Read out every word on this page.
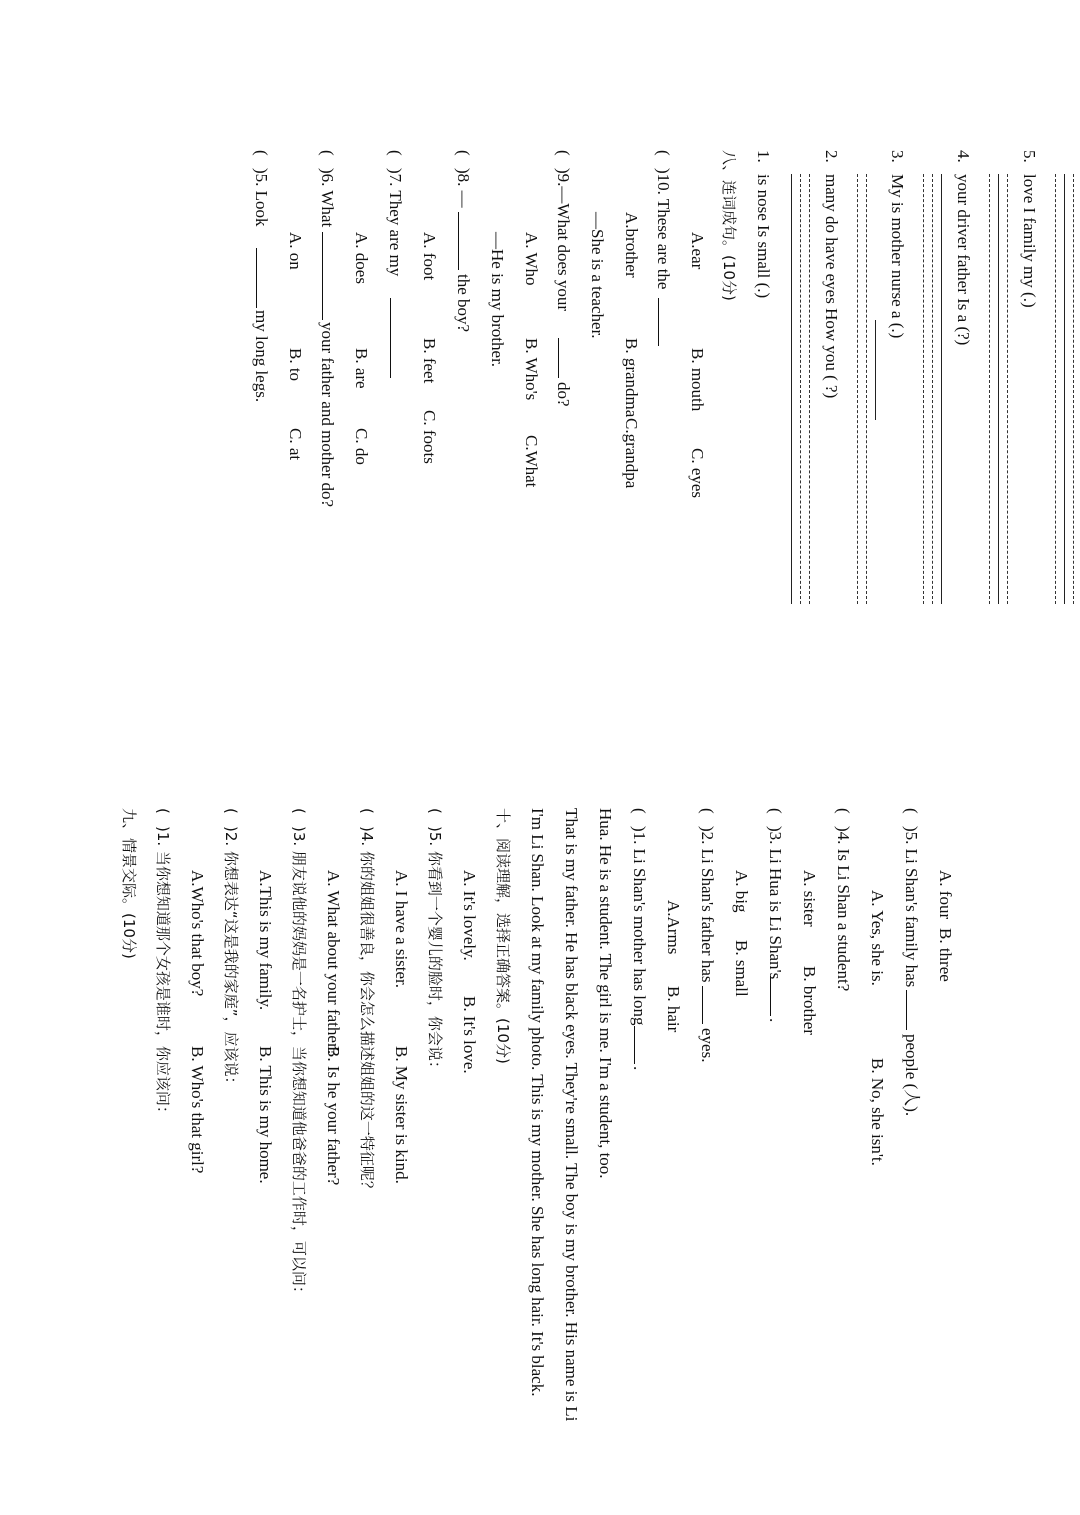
(
)5. Look
my long legs.
A. on
B. to
C. at
(
)6. What
your father and mother do?
A. does
B. are
C. do
(
)7. They are my A. foot
B. feet
C. foots
(
)8. —
the boy? —He is my brother. A. Who
B. Who's
C.What
(
)9.—What does your
do?
—She is a teacher. A.brother
B. grandma
C.grandpa
(
)10. These are the A.ear
B. mouth
C. eyes
八、连词成句。(10分) 1.
is nose Is small (.)
2.
many do have eyes How you ( ?)
3.
My is mother nurse a (.)
4.
your driver father Is a (?)
5.
love I family my (.)
九、情景交际。(10分) (
)1. 当你想知道那个女孩是谁时，你应该问： A.Who's that boy?
B. Who's that girl?
(
)2. 你想表达“这是我的家庭”，应该说： A.This is my family.
B. This is my home.
(
)3. 朋友说他的妈妈是一名护士，当你想知道他爸爸的工作时，可以问： A. What about your father?
B. Is he your father?
(
)4. 你的姐姐很善良，你会怎么描述姐姐的这一特征呢？ A. I have a sister.
B. My sister is kind.
(
)5. 你看到一个婴儿的脸时，你会说： A. It's lovely.
B. It's love. 十、阅读理解，选择正确答案。(10分) I'm Li Shan. Look at my family photo. This is my mother. She has long hair. It's black. That is my father. He has black eyes. They're small. The boy is my brother. His name is Li Hua. He is a student. The girl is me. I'm a student, too. (
)1. Li Shan's mother has long
.
A.Arms
B. hair
(
)2. Li Shan's father has
eyes.
A. big
B. small
(
)3. Li Hua is Li Shan's
.
A. sister
B. brother
(
)4. Is Li Shan a student? A. Yes, she is.
B. No, she isn't.
(
)5. Li Shan's family has
people (人).
A. four
B. three
